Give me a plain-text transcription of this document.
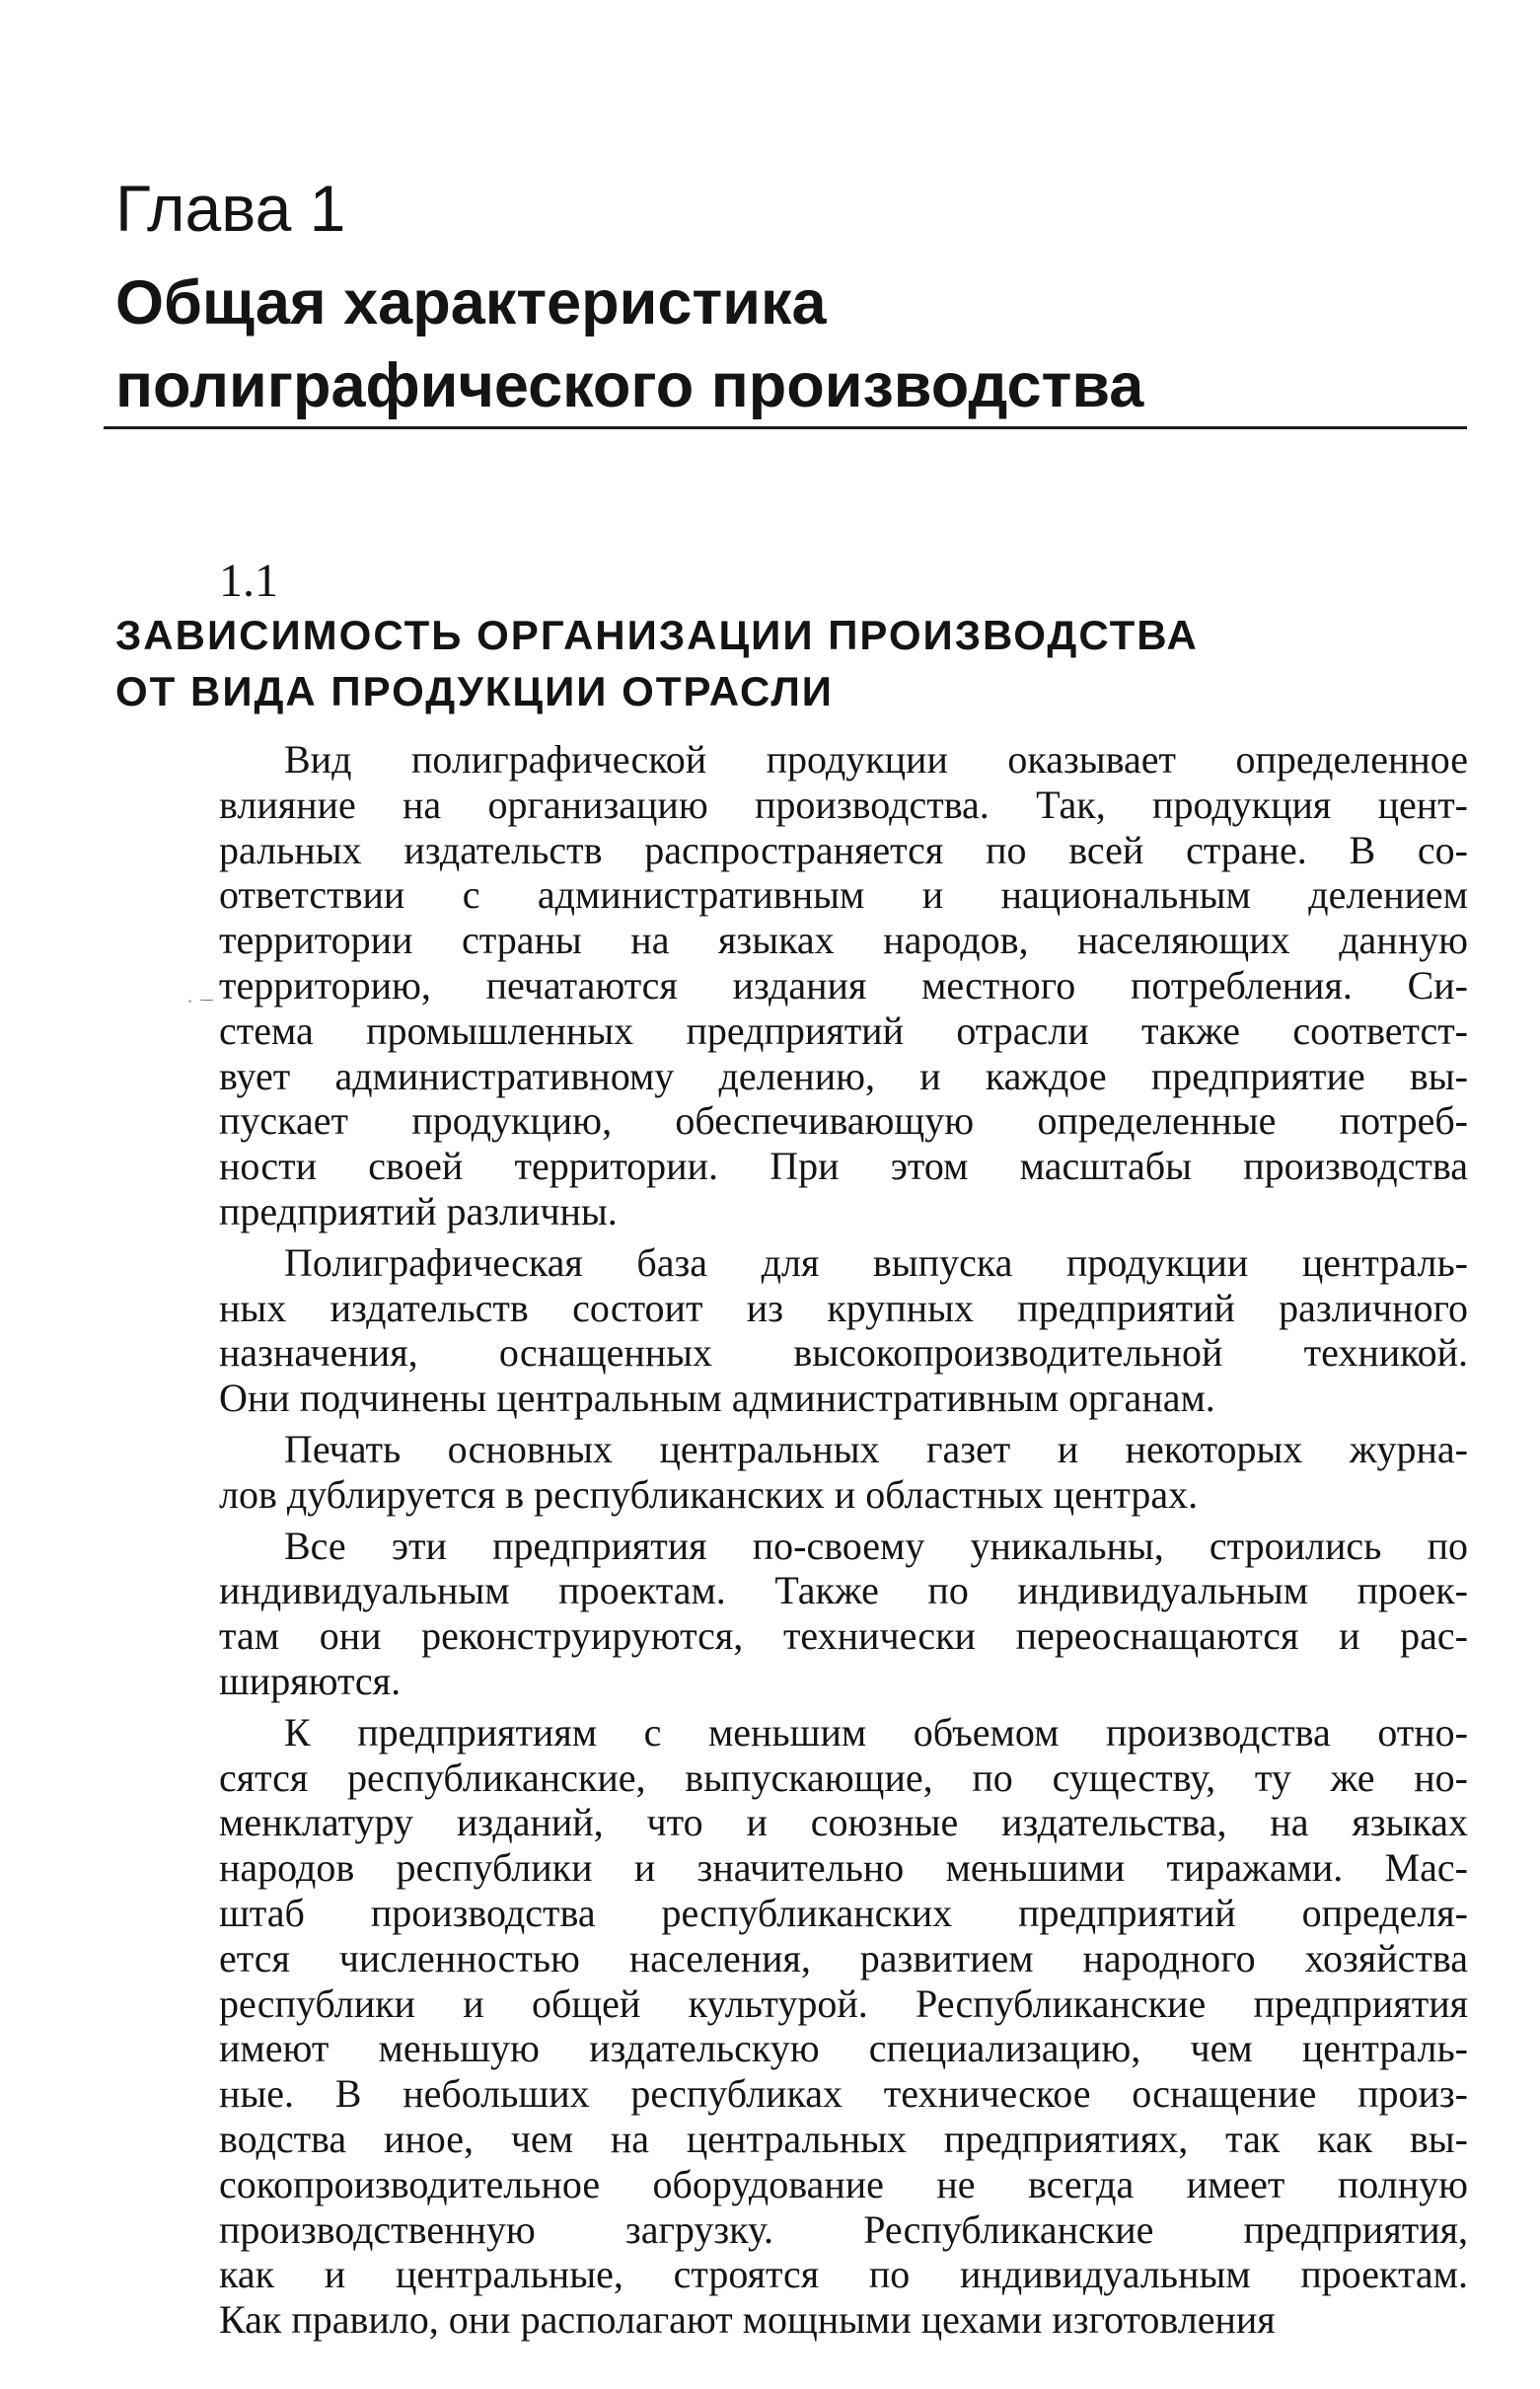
Глава 1
Общая характеристика
полиграфического производства
1.1
ЗАВИСИМОСТЬ ОРГАНИЗАЦИИ ПРОИЗВОДСТВА
ОТ ВИДА ПРОДУКЦИИ ОТРАСЛИ
Вид полиграфической продукции оказывает определенное
влияние на организацию производства. Так, продукция цент-
ральных издательств распространяется по всей стране. В со-
ответствии с административным и национальным делением
территории страны на языках народов, населяющих данную
территорию, печатаются издания местного потребления. Си-
стема промышленных предприятий отрасли также соответст-
вует административному делению, и каждое предприятие вы-
пускает продукцию, обеспечивающую определенные потреб-
ности своей территории. При этом масштабы производства
предприятий различны.
Полиграфическая база для выпуска продукции централь-
ных издательств состоит из крупных предприятий различного
назначения, оснащенных высокопроизводительной техникой.
Они подчинены центральным административным органам.
Печать основных центральных газет и некоторых журна-
лов дублируется в республиканских и областных центрах.
Все эти предприятия по-своему уникальны, строились по
индивидуальным проектам. Также по индивидуальным проек-
там они реконструируются, технически переоснащаются и рас-
ширяются.
К предприятиям с меньшим объемом производства отно-
сятся республиканские, выпускающие, по существу, ту же но-
менклатуру изданий, что и союзные издательства, на языках
народов республики и значительно меньшими тиражами. Мас-
штаб производства республиканских предприятий определя-
ется численностью населения, развитием народного хозяйства
республики и общей культурой. Республиканские предприятия
имеют меньшую издательскую специализацию, чем централь-
ные. В небольших республиках техническое оснащение произ-
водства иное, чем на центральных предприятиях, так как вы-
сокопроизводительное оборудование не всегда имеет полную
производственную загрузку. Республиканские предприятия,
как и центральные, строятся по индивидуальным проектам.
Как правило, они располагают мощными цехами изготовления
˙ ¯
